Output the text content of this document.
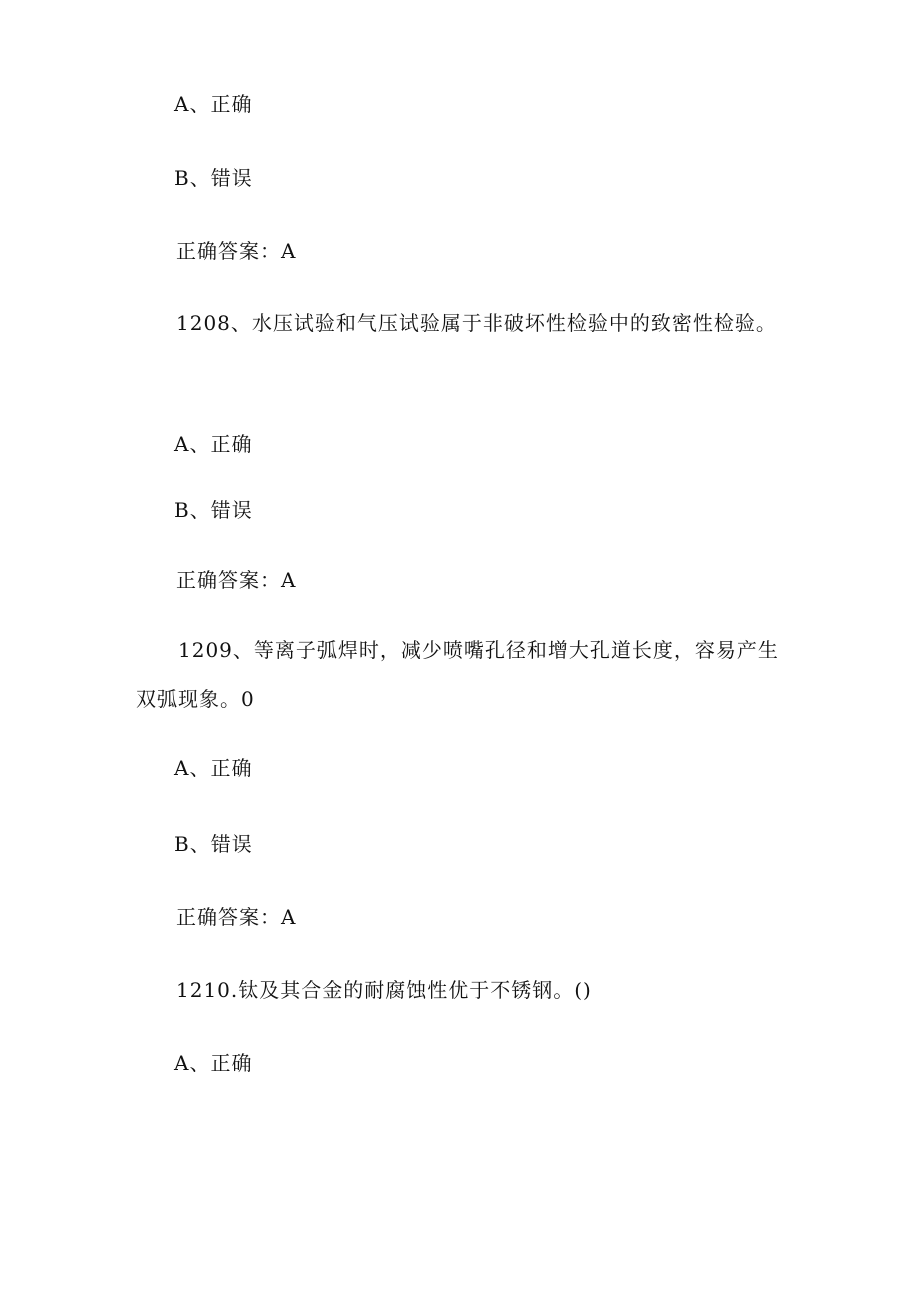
A、正确
B、错误
正确答案：A
1208、水压试验和气压试验属于非破坏性检验中的致密性检验。
A、正确
B、错误
正确答案：A
1209、等离子弧焊时，减少喷嘴孔径和增大孔道长度，容易产生
双弧现象。0
A、正确
B、错误
正确答案：A
1210.钛及其合金的耐腐蚀性优于不锈钢。()
A、正确
